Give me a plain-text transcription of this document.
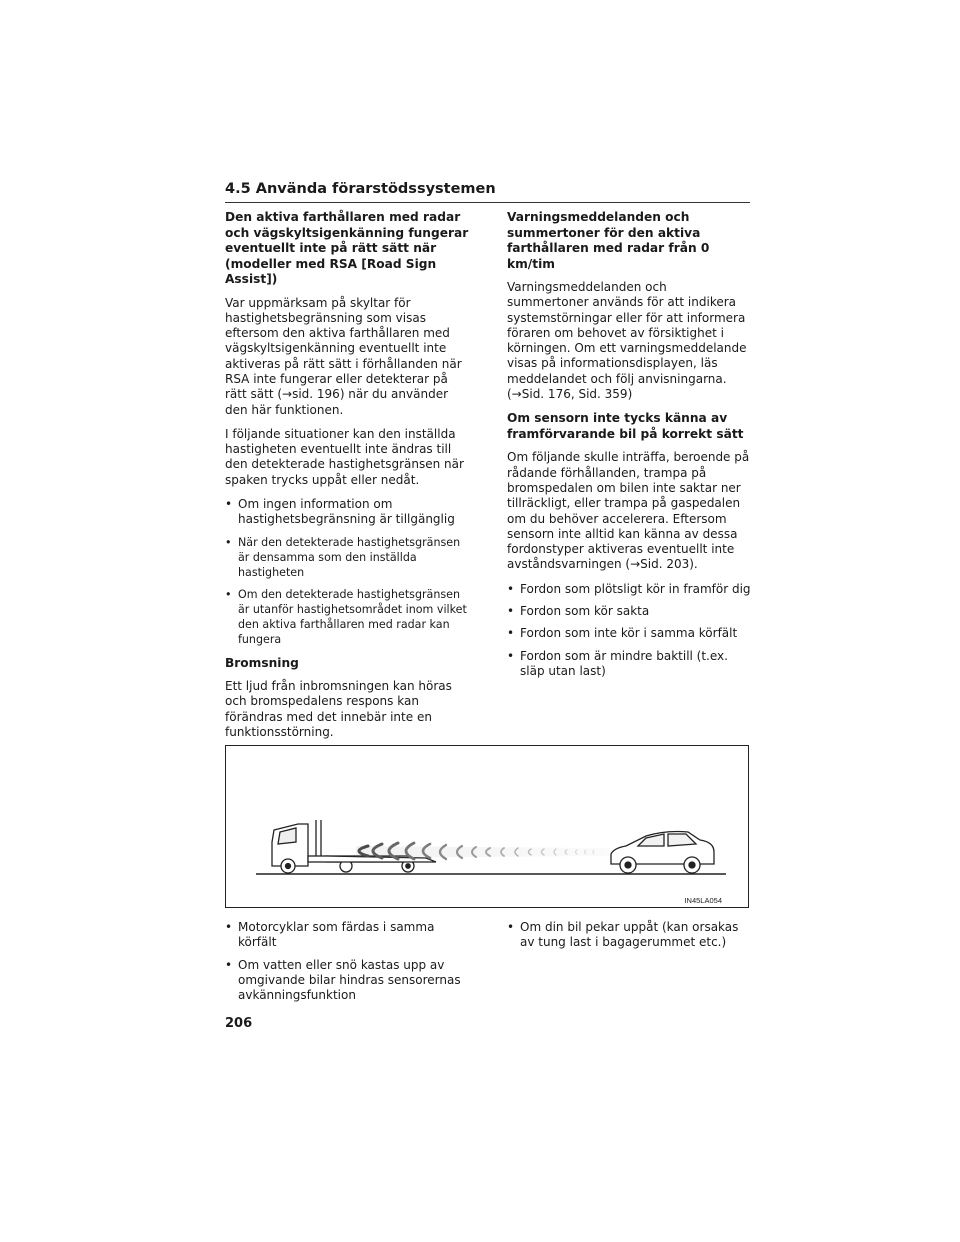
4.5 Använda förarstödssystemen
Den aktiva farthållaren med radar och vägskyltsigenkänning fungerar eventuellt inte på rätt sätt när (modeller med RSA [Road Sign Assist])

Var uppmärksam på skyltar för hastighetsbegränsning som visas eftersom den aktiva farthållaren med vägskyltsigenkänning eventuellt inte aktiveras på rätt sätt i förhållanden när RSA inte fungerar eller detekterar på rätt sätt (→sid. 196) när du använder den här funktionen.

I följande situationer kan den inställda hastigheten eventuellt inte ändras till den detekterade hastighetsgränsen när spaken trycks uppåt eller nedåt.

• Om ingen information om hastighetsbegränsning är tillgänglig
• När den detekterade hastighetsgränsen är densamma som den inställda hastigheten
• Om den detekterade hastighetsgränsen är utanför hastighetsområdet inom vilket den aktiva farthållaren med radar kan fungera
Bromsning

Ett ljud från inbromsningen kan höras och bromspedalens respons kan förändras med det innebär inte en funktionsstörning.

Varningsmeddelanden och summertoner för den aktiva farthållaren med radar från 0 km/tim

Varningsmeddelanden och summertoner används för att indikera systemstörningar eller för att informera föraren om behovet av försiktighet i körningen. Om ett varningsmeddelande visas på informationsdisplayen, läs meddelandet och följ anvisningarna. (→Sid. 176, Sid. 359)

Om sensorn inte tycks känna av framförvarande bil på korrekt sätt

Om följande skulle inträffa, beroende på rådande förhållanden, trampa på bromspedalen om bilen inte saktar ner tillräckligt, eller trampa på gaspedalen om du behöver accelerera. Eftersom sensorn inte alltid kan känna av dessa fordonstyper aktiveras eventuellt inte avståndsvarningen (→Sid. 203).

• Fordon som plötsligt kör in framför dig
• Fordon som kör sakta
• Fordon som inte kör i samma körfält
• Fordon som är mindre baktill (t.ex. släp utan last)
IN45LA054
• Motorcyklar som färdas i samma körfält
• Om vatten eller snö kastas upp av omgivande bilar hindras sensorernas avkänningsfunktion
• Om din bil pekar uppåt (kan orsakas av tung last i bagagerummet etc.)
206
